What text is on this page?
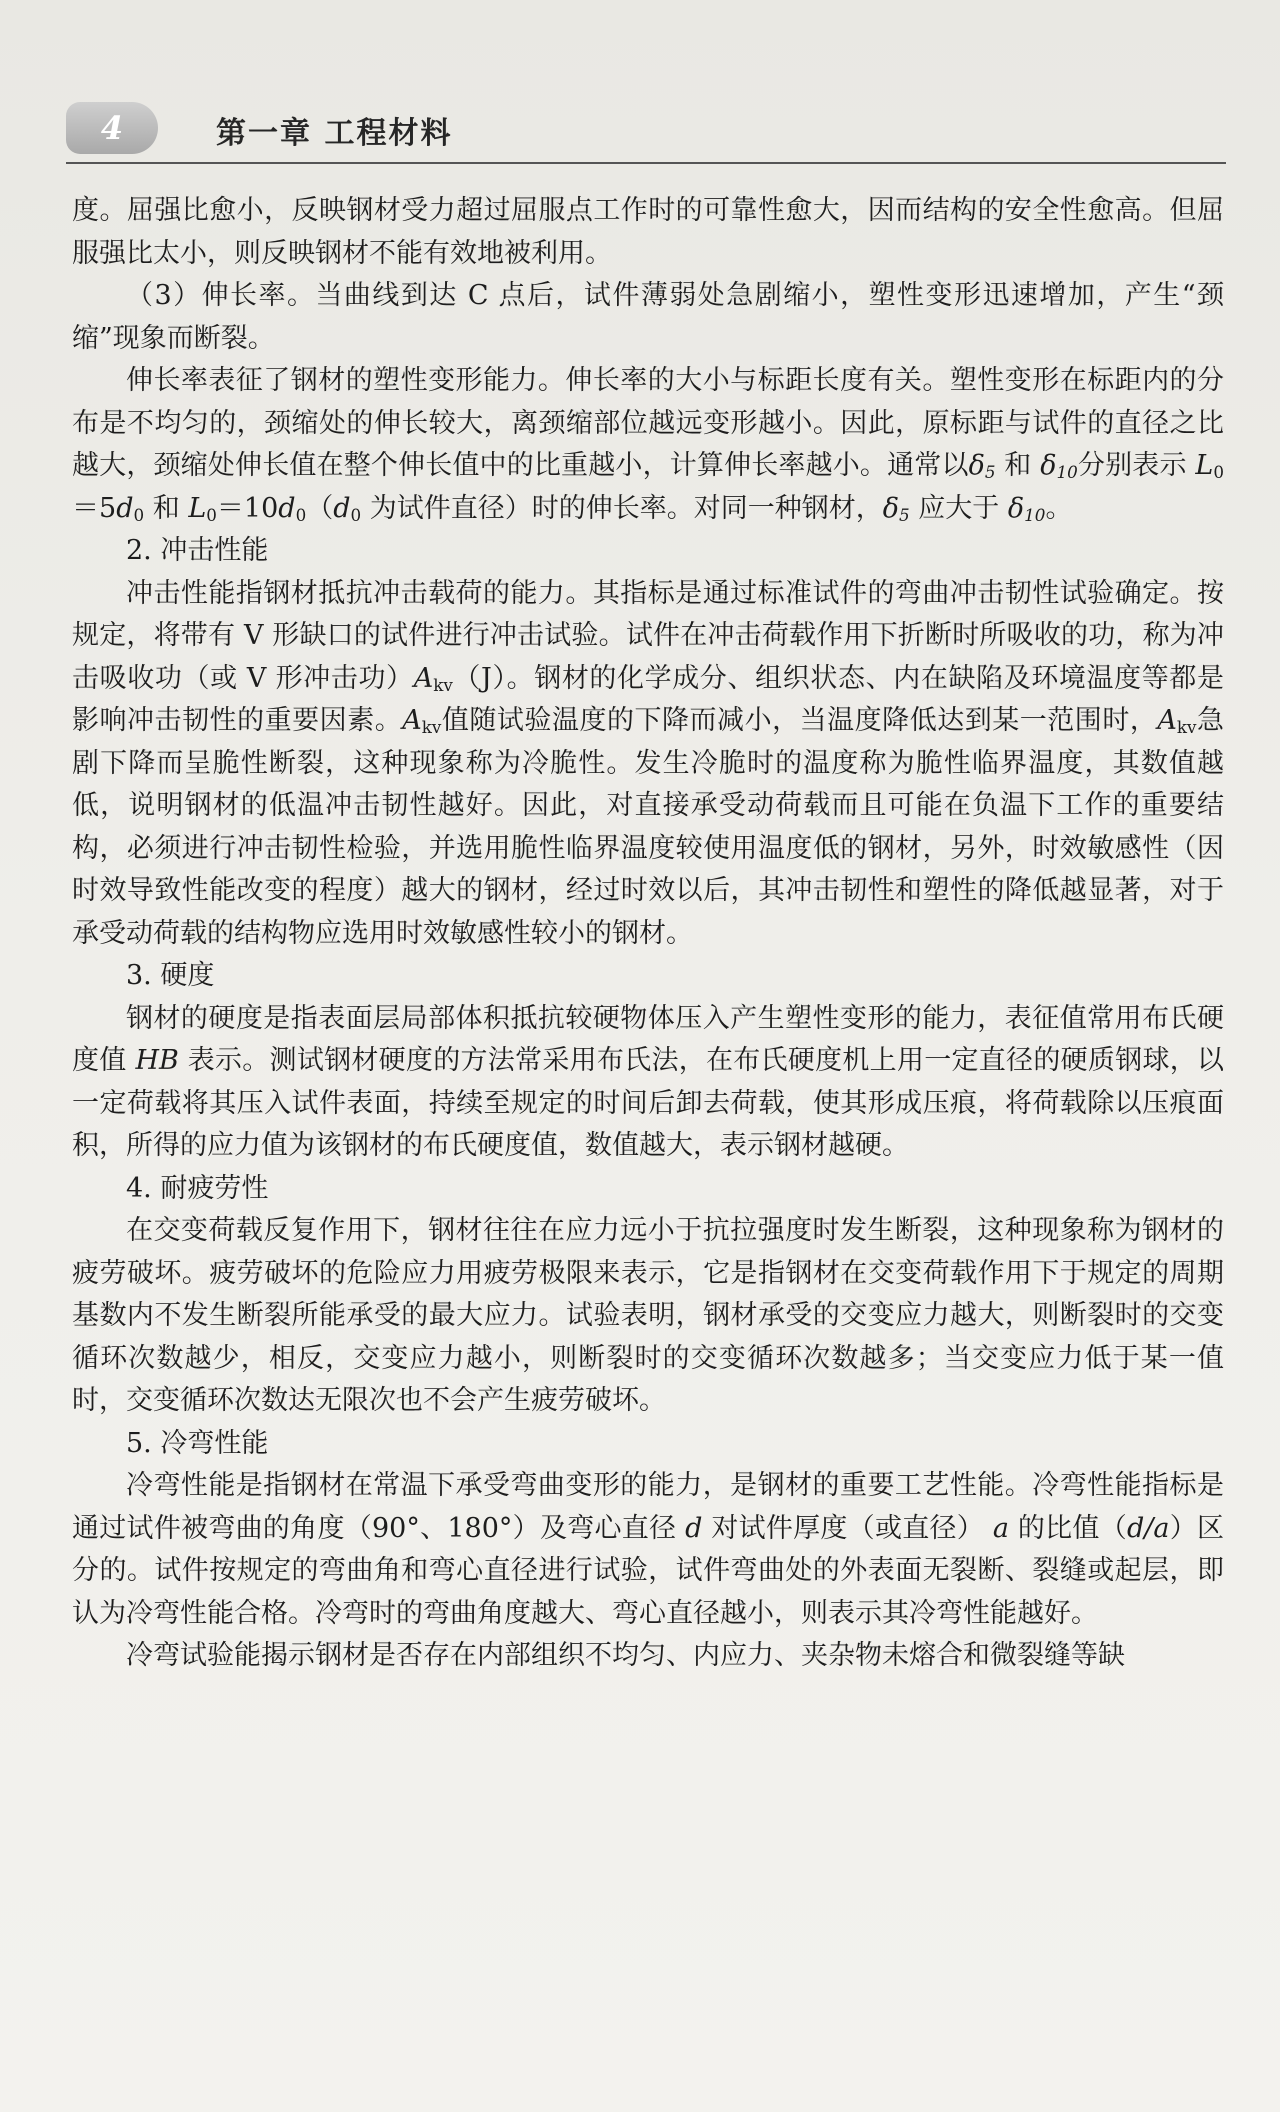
4	第一章 工程材料

度。屈强比愈小，反映钢材受力超过屈服点工作时的可靠性愈大，因而结构的安全性愈高。但屈服强比太小，则反映钢材不能有效地被利用。

（3）伸长率。当曲线到达 C 点后，试件薄弱处急剧缩小，塑性变形迅速增加，产生“颈缩”现象而断裂。

伸长率表征了钢材的塑性变形能力。伸长率的大小与标距长度有关。塑性变形在标距内的分布是不均匀的，颈缩处的伸长较大，离颈缩部位越远变形越小。因此，原标距与试件的直径之比越大，颈缩处伸长值在整个伸长值中的比重越小，计算伸长率越小。通常以$\delta_5$ 和 $\delta_{10}$分别表示 $L_0=5d_0$ 和 $L_0=10d_0(d_0$ 为试件直径）时的伸长率。对同一种钢材，$\delta_5$ 应大于 $\delta_{10}$。

2. 冲击性能

冲击性能指钢材抵抗冲击载荷的能力。其指标是通过标准试件的弯曲冲击韧性试验确定。按规定，将带有 V 形缺口的试件进行冲击试验。试件在冲击荷载作用下折断时所吸收的功，称为冲击吸收功（或 V 形冲击功）$A_{kv}(J)$。钢材的化学成分、组织状态、内在缺陷及环境温度等都是影响冲击韧性的重要因素。$A_{kv}$值随试验温度的下降而减小，当温度降低达到某一范围时，$A_{kv}$急剧下降而呈脆性断裂，这种现象称为冷脆性。发生冷脆时的温度称为脆性临界温度，其数值越低，说明钢材的低温冲击韧性越好。因此，对直接承受动荷载而且可能在负温下工作的重要结构，必须进行冲击韧性检验，并选用脆性临界温度较使用温度低的钢材，另外，时效敏感性（因时效导致性能改变的程度）越大的钢材，经过时效以后，其冲击韧性和塑性的降低越显著，对于承受动荷载的结构物应选用时效敏感性较小的钢材。

3. 硬度

钢材的硬度是指表面层局部体积抵抗较硬物体压入产生塑性变形的能力，表征值常用布氏硬度值 HB 表示。测试钢材硬度的方法常采用布氏法，在布氏硬度机上用一定直径的硬质钢球，以一定荷载将其压入试件表面，持续至规定的时间后卸去荷载，使其形成压痕，将荷载除以压痕面积，所得的应力值为该钢材的布氏硬度值，数值越大，表示钢材越硬。

4. 耐疲劳性

在交变荷载反复作用下，钢材往往在应力远小于抗拉强度时发生断裂，这种现象称为钢材的疲劳破坏。疲劳破坏的危险应力用疲劳极限来表示，它是指钢材在交变荷载作用下于规定的周期基数内不发生断裂所能承受的最大应力。试验表明，钢材承受的交变应力越大，则断裂时的交变循环次数越少，相反，交变应力越小，则断裂时的交变循环次数越多；当交变应力低于某一值时，交变循环次数达无限次也不会产生疲劳破坏。

5. 冷弯性能

冷弯性能是指钢材在常温下承受弯曲变形的能力，是钢材的重要工艺性能。冷弯性能指标是通过试件被弯曲的角度（90°、180°）及弯心直径 d 对试件厚度（或直径） a 的比值（d/a）区分的。试件按规定的弯曲角和弯心直径进行试验，试件弯曲处的外表面无裂断、裂缝或起层，即认为冷弯性能合格。冷弯时的弯曲角度越大、弯心直径越小，则表示其冷弯性能越好。

冷弯试验能揭示钢材是否存在内部组织不均匀、内应力、夹杂物未熔合和微裂缝等缺
